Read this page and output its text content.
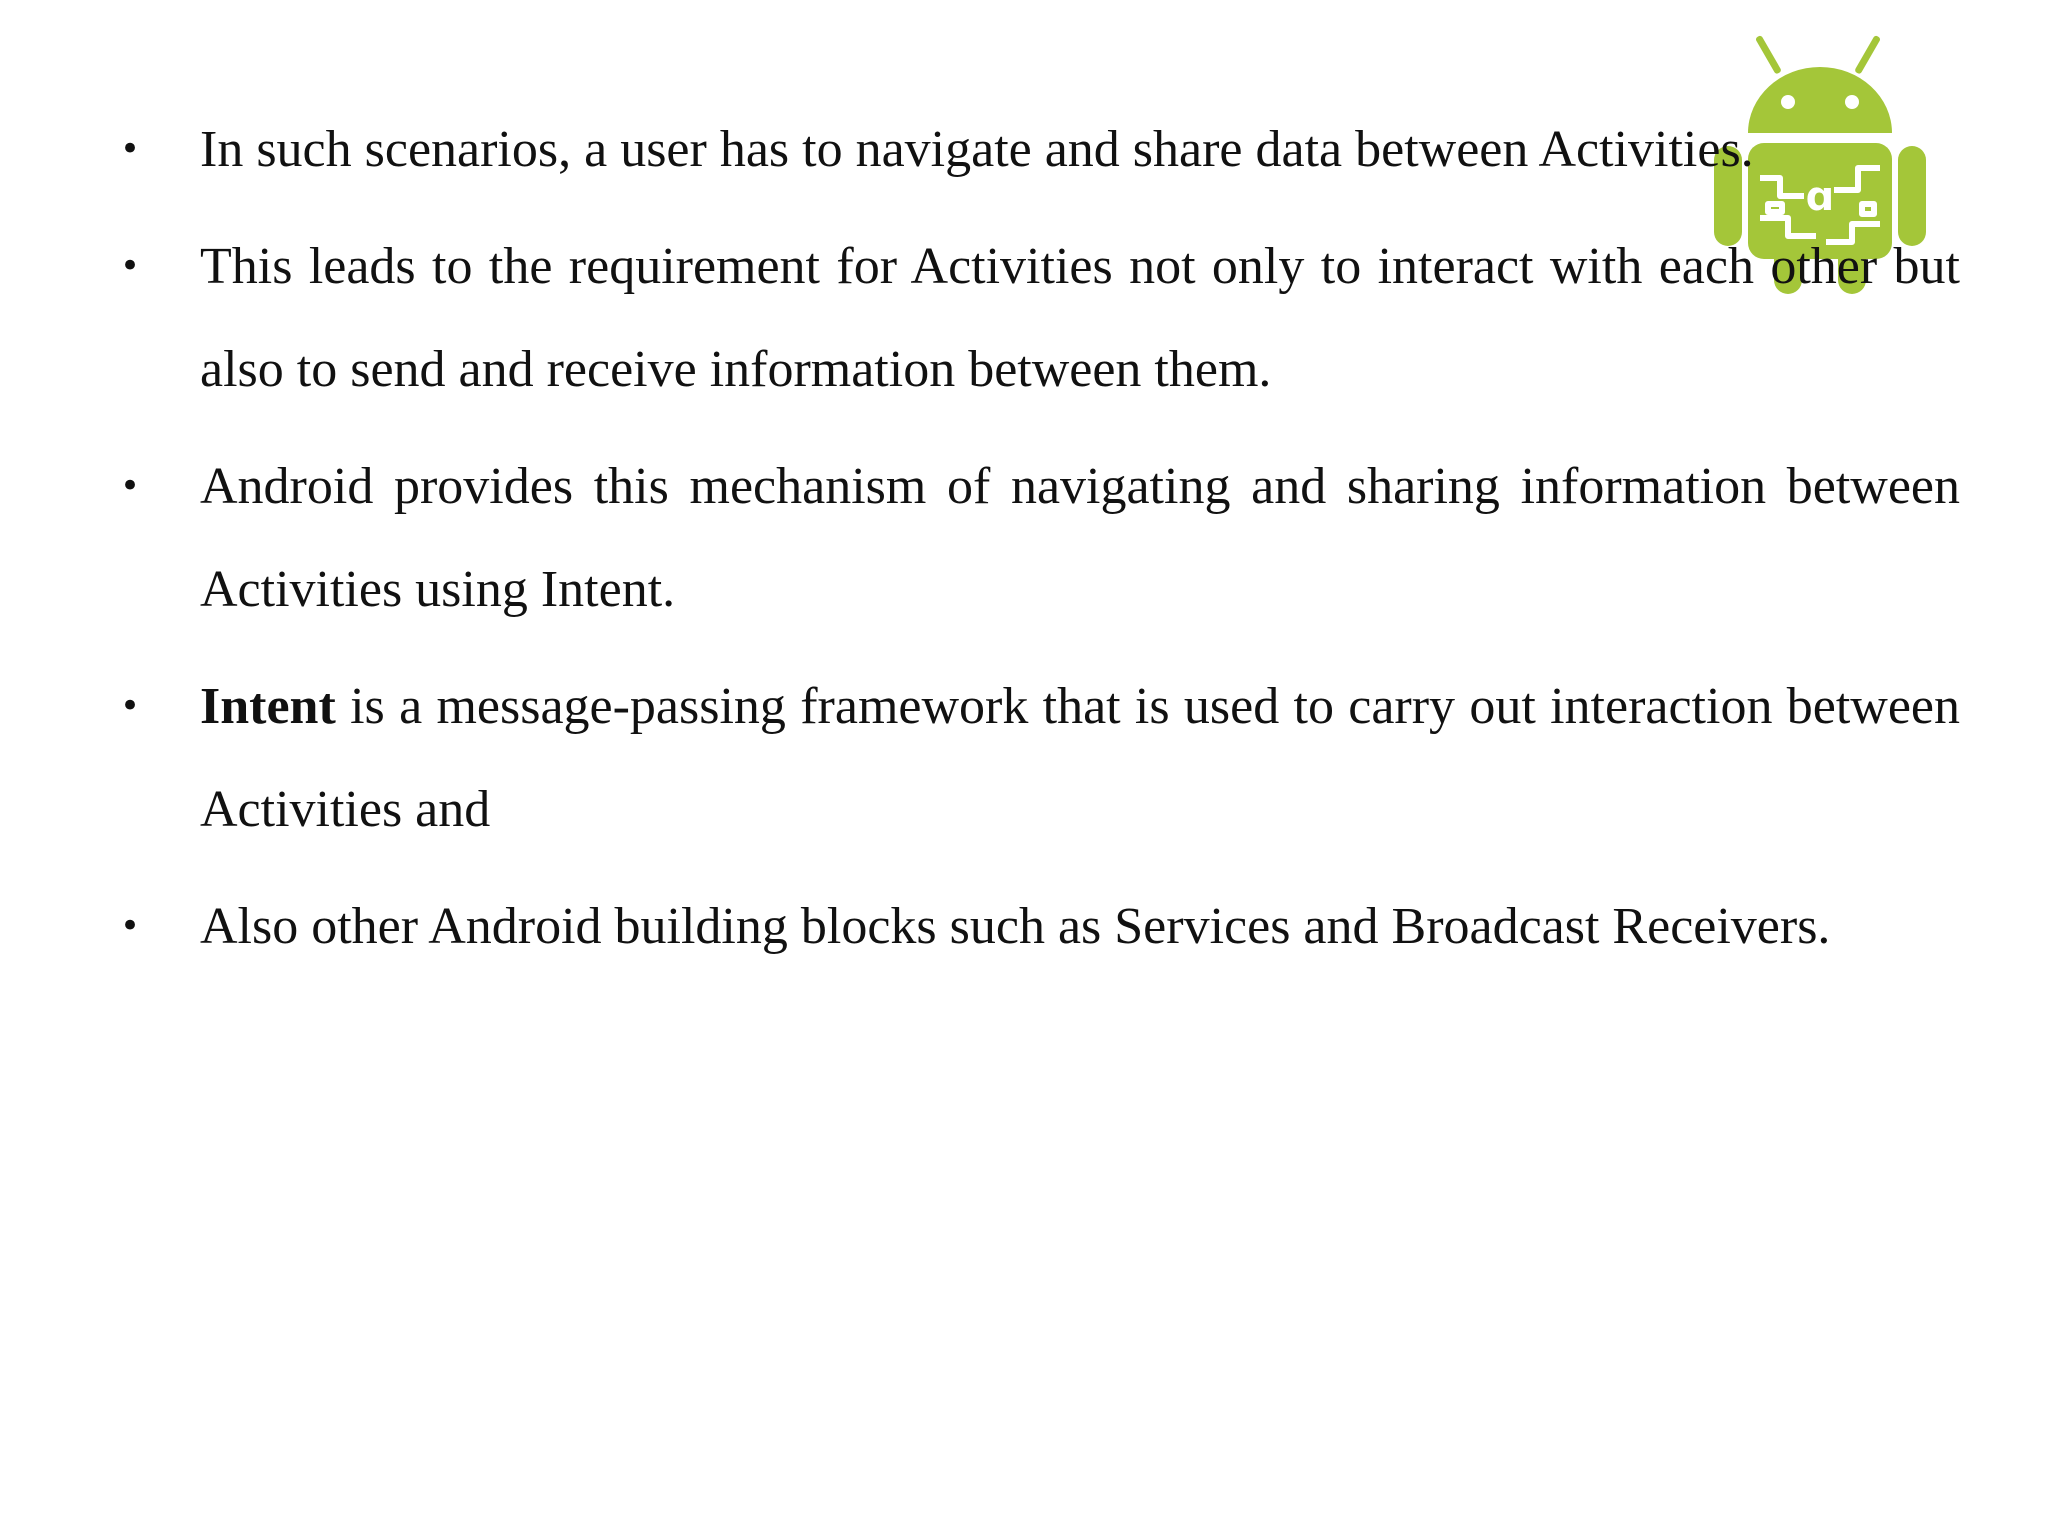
ɑ
• In such scenarios, a user has to navigate and share data between Activities.
• This leads to the requirement for Activities not only to interact with each other but also to send and receive information between them.
• Android provides this mechanism of navigating and sharing information between Activities using Intent.
• Intent is a message-passing framework that is used to carry out interaction between Activities and
• Also other Android building blocks such as Services and Broadcast Receivers.
